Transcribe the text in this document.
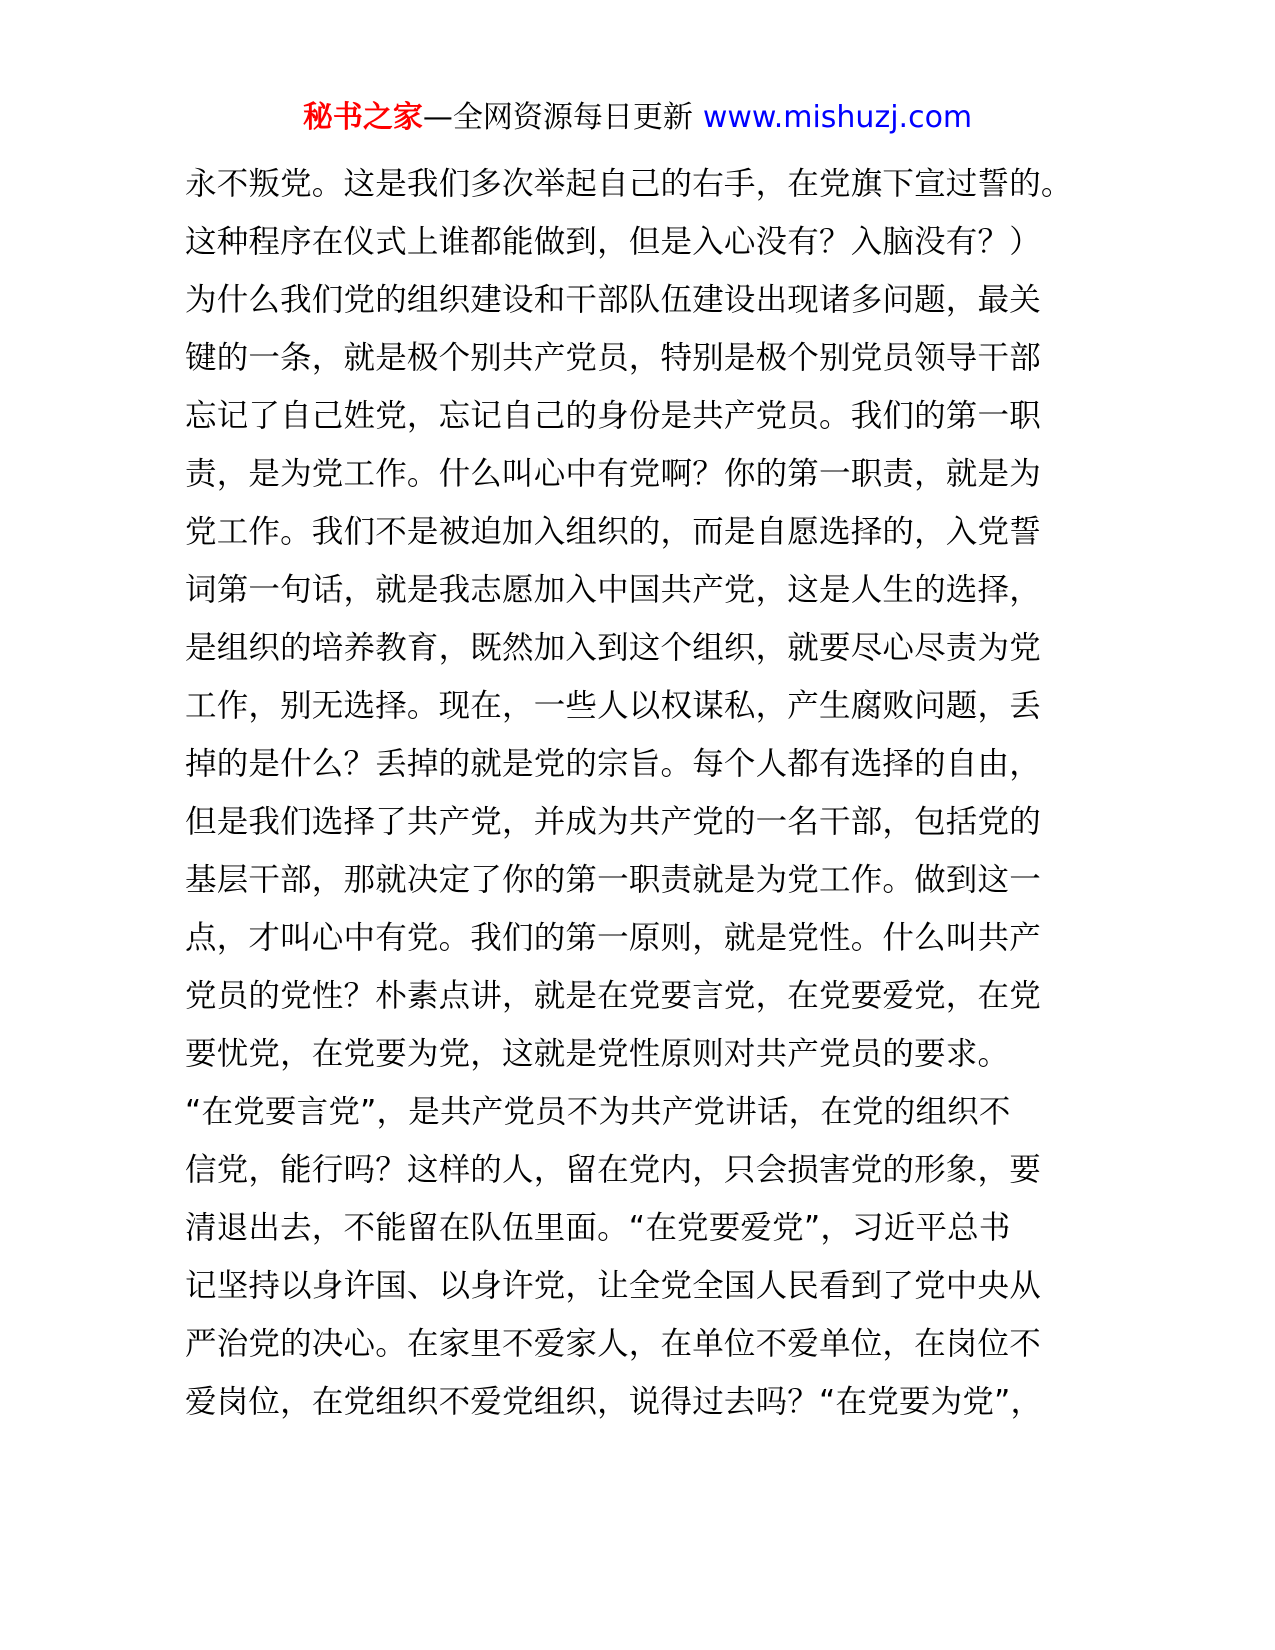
秘书之家—全网资源每日更新 www.mishuzj.com
永不叛党。这是我们多次举起自己的右手，在党旗下宣过誓的。
这种程序在仪式上谁都能做到，但是入心没有？入脑没有？）
为什么我们党的组织建设和干部队伍建设出现诸多问题，最关
键的一条，就是极个别共产党员，特别是极个别党员领导干部
忘记了自己姓党，忘记自己的身份是共产党员。我们的第一职
责，是为党工作。什么叫心中有党啊？你的第一职责，就是为
党工作。我们不是被迫加入组织的，而是自愿选择的，入党誓
词第一句话，就是我志愿加入中国共产党，这是人生的选择，
是组织的培养教育，既然加入到这个组织，就要尽心尽责为党
工作，别无选择。现在，一些人以权谋私，产生腐败问题，丢
掉的是什么？丢掉的就是党的宗旨。每个人都有选择的自由，
但是我们选择了共产党，并成为共产党的一名干部，包括党的
基层干部，那就决定了你的第一职责就是为党工作。做到这一
点，才叫心中有党。我们的第一原则，就是党性。什么叫共产
党员的党性？朴素点讲，就是在党要言党，在党要爱党，在党
要忧党，在党要为党，这就是党性原则对共产党员的要求。
“在党要言党”，是共产党员不为共产党讲话，在党的组织不
信党，能行吗？这样的人，留在党内，只会损害党的形象，要
清退出去，不能留在队伍里面。“在党要爱党”，习近平总书
记坚持以身许国、以身许党，让全党全国人民看到了党中央从
严治党的决心。在家里不爱家人，在单位不爱单位，在岗位不
爱岗位，在党组织不爱党组织，说得过去吗？“在党要为党”，
